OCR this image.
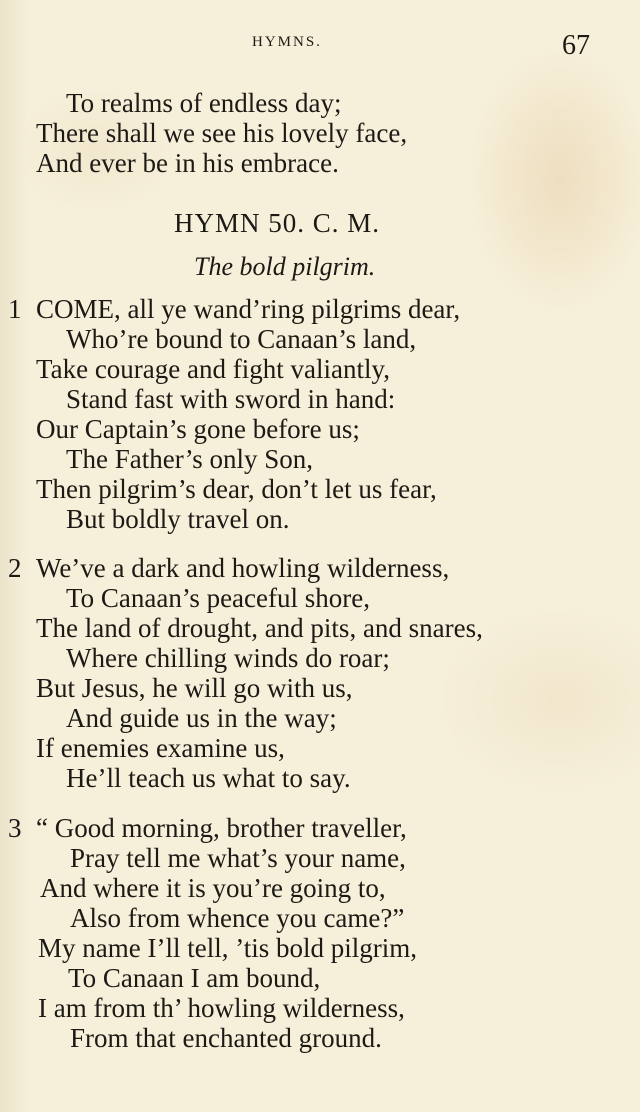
HYMNS.	67
To realms of endless day;
There shall we see his lovely face,
And ever be in his embrace.
HYMN 50. C. M.
The bold pilgrim.
1 COME, all ye wand’ring pilgrims dear,
Who’re bound to Canaan’s land,
Take courage and fight valiantly,
Stand fast with sword in hand:
Our Captain’s gone before us;
The Father’s only Son,
Then pilgrim’s dear, don’t let us fear,
But boldly travel on.
2 We’ve a dark and howling wilderness,
To Canaan’s peaceful shore,
The land of drought, and pits, and snares,
Where chilling winds do roar;
But Jesus, he will go with us,
And guide us in the way;
If enemies examine us,
He’ll teach us what to say.
3 “ Good morning, brother traveller,
Pray tell me what’s your name,
And where it is you’re going to,
Also from whence you came?”
My name I’ll tell, ’tis bold pilgrim,
To Canaan I am bound,
I am from th’ howling wilderness,
From that enchanted ground.
